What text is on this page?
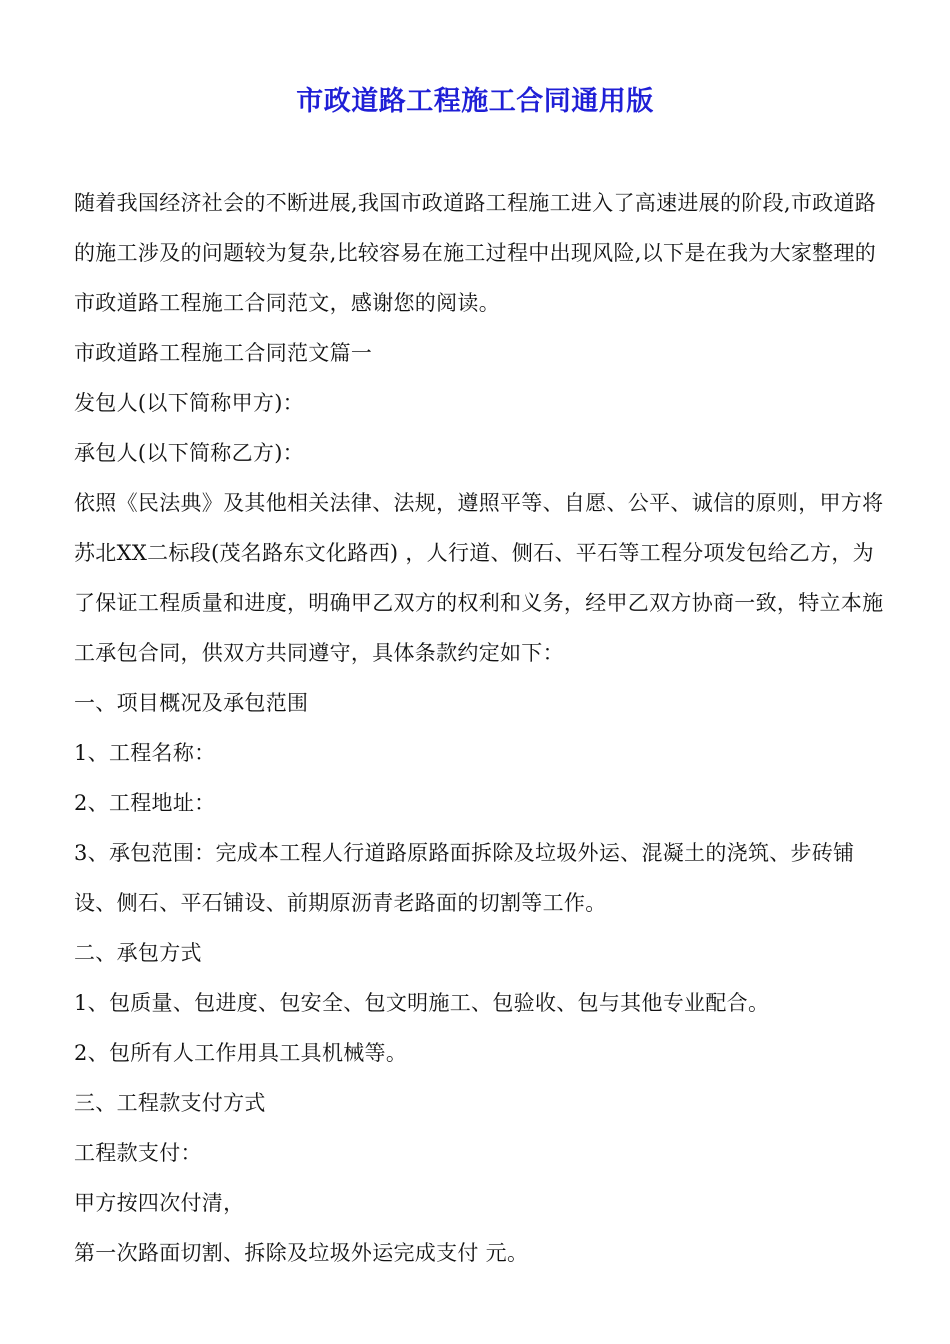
市政道路工程施工合同通用版

随着我国经济社会的不断进展,我国市政道路工程施工进入了高速进展的阶段,市政道路的施工涉及的问题较为复杂,比较容易在施工过程中出现风险,以下是在我为大家整理的市政道路工程施工合同范文，感谢您的阅读。

市政道路工程施工合同范文篇一

发包人(以下简称甲方)：

承包人(以下简称乙方)：

依照《民法典》及其他相关法律、法规，遵照平等、自愿、公平、诚信的原则，甲方将苏北XX二标段(茂名路东文化路西) ，人行道、侧石、平石等工程分项发包给乙方，为了保证工程质量和进度，明确甲乙双方的权利和义务，经甲乙双方协商一致，特立本施工承包合同，供双方共同遵守，具体条款约定如下：

一、项目概况及承包范围

1、工程名称：

2、工程地址：

3、承包范围：完成本工程人行道路原路面拆除及垃圾外运、混凝土的浇筑、步砖铺设、侧石、平石铺设、前期原沥青老路面的切割等工作。

二、承包方式

1、包质量、包进度、包安全、包文明施工、包验收、包与其他专业配合。

2、包所有人工作用具工具机械等。

三、工程款支付方式

工程款支付：

甲方按四次付清，

第一次路面切割、拆除及垃圾外运完成支付 元。
